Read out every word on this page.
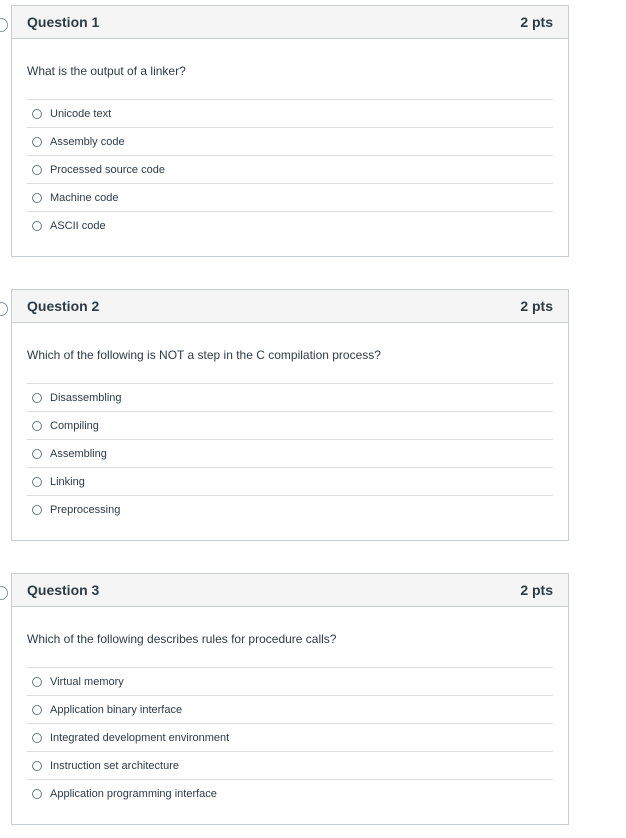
Question 1	2 pts

What is the output of a linker?

Unicode text
Assembly code
Processed source code
Machine code
ASCII code
Question 2	2 pts

Which of the following is NOT a step in the C compilation process?

Disassembling
Compiling
Assembling
Linking
Preprocessing
Question 3	2 pts

Which of the following describes rules for procedure calls?

Virtual memory
Application binary interface
Integrated development environment
Instruction set architecture
Application programming interface
